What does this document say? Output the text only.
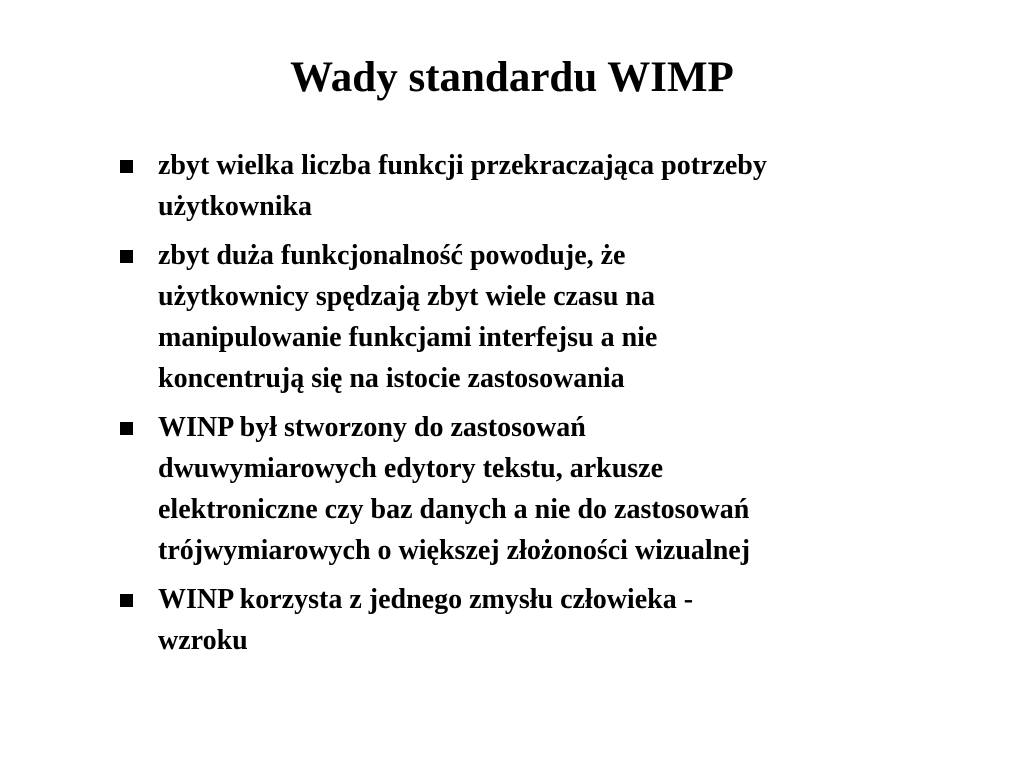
Wady standardu WIMP
zbyt wielka liczba funkcji przekraczająca potrzeby
użytkownika
zbyt duża funkcjonalność powoduje, że
użytkownicy spędzają zbyt wiele czasu na
manipulowanie funkcjami interfejsu a nie
koncentrują się na istocie zastosowania
WINP był stworzony do zastosowań
dwuwymiarowych edytory tekstu, arkusze
elektroniczne czy baz danych a nie do zastosowań
trójwymiarowych o większej złożoności wizualnej
WINP korzysta z jednego zmysłu człowieka -
wzroku
